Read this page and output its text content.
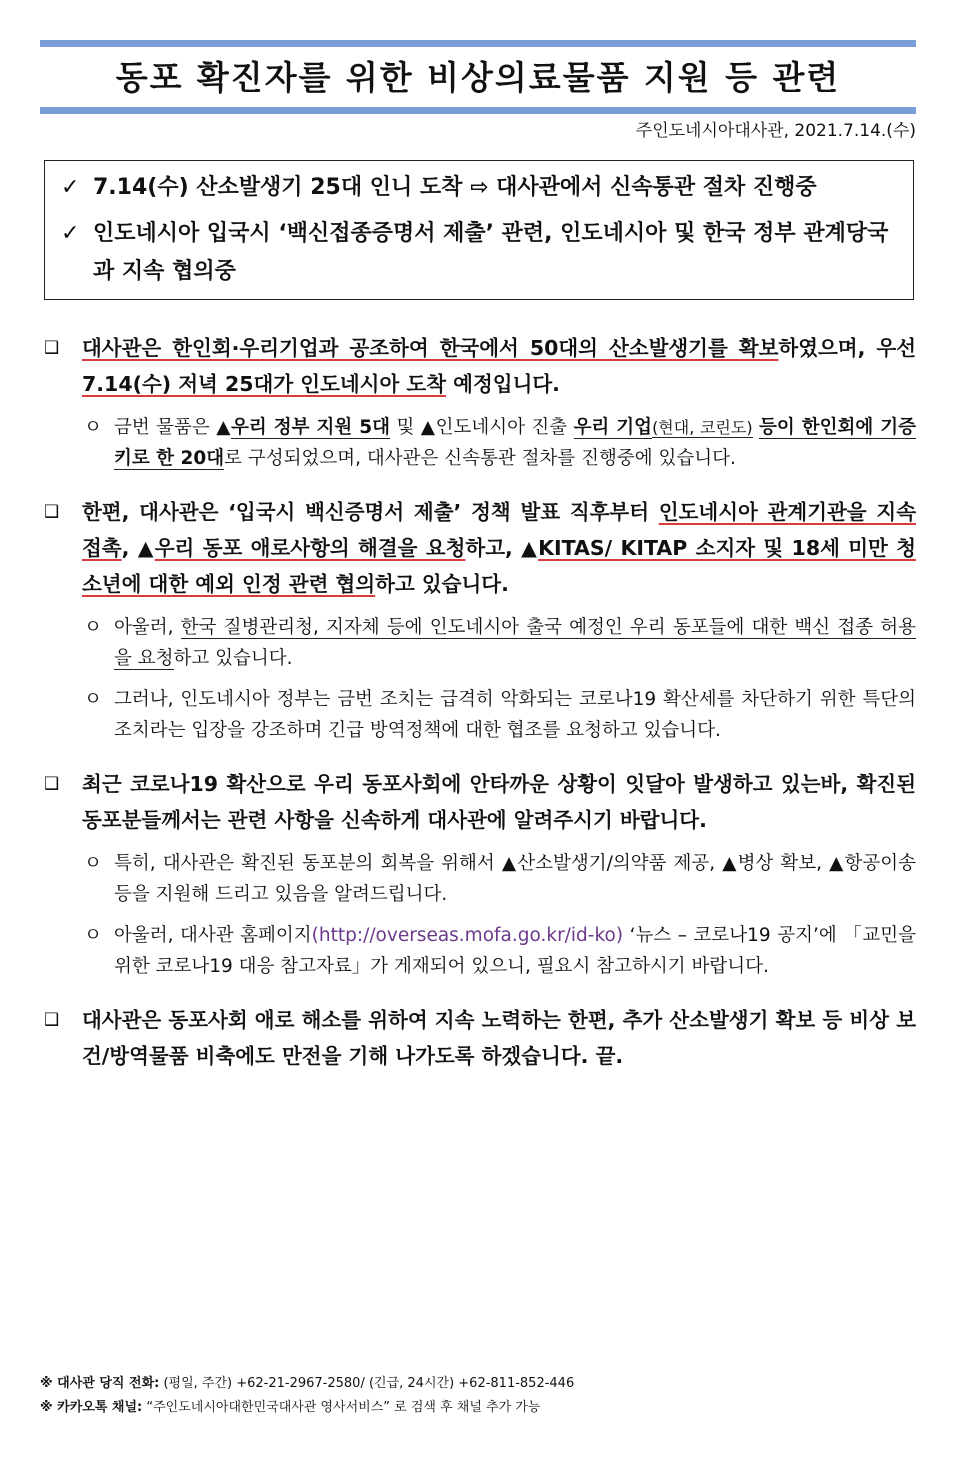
동포 확진자를 위한 비상의료물품 지원 등 관련
주인도네시아대사관, 2021.7.14.(수)
✓ 7.14(수) 산소발생기 25대 인니 도착 ⇨ 대사관에서 신속통관 절차 진행중
✓ 인도네시아 입국시 ‘백신접종증명서 제출’ 관련, 인도네시아 및 한국 정부 관계당국과 지속 협의중
❑	대사관은 한인회·우리기업과 공조하여 한국에서 50대의 산소발생기를 확보하였으며, 우선 7.14(수) 저녁 25대가 인도네시아 도착 예정입니다.
ㅇ 금번 물품은 ▲우리 정부 지원 5대 및 ▲인도네시아 진출 우리 기업(현대, 코린도) 등이 한인회에 기증키로 한 20대로 구성되었으며, 대사관은 신속통관 절차를 진행중에 있습니다.
❑	한편, 대사관은 ‘입국시 백신증명서 제출’ 정책 발표 직후부터 인도네시아 관계기관을 지속 접촉, ▲우리 동포 애로사항의 해결을 요청하고, ▲KITAS/ KITAP 소지자 및 18세 미만 청소년에 대한 예외 인정 관련 협의하고 있습니다.
ㅇ 아울러, 한국 질병관리청, 지자체 등에 인도네시아 출국 예정인 우리 동포들에 대한 백신 접종 허용을 요청하고 있습니다.
ㅇ 그러나, 인도네시아 정부는 금번 조치는 급격히 악화되는 코로나19 확산세를 차단하기 위한 특단의 조치라는 입장을 강조하며 긴급 방역정책에 대한 협조를 요청하고 있습니다.
❑	최근 코로나19 확산으로 우리 동포사회에 안타까운 상황이 잇달아 발생하고 있는바, 확진된 동포분들께서는 관련 사항을 신속하게 대사관에 알려주시기 바랍니다.
ㅇ 특히, 대사관은 확진된 동포분의 회복을 위해서 ▲산소발생기/의약품 제공, ▲병상 확보, ▲항공이송 등을 지원해 드리고 있음을 알려드립니다.
ㅇ 아울러, 대사관 홈페이지(http://overseas.mofa.go.kr/id-ko) ‘뉴스 – 코로나19 공지’에 「교민을 위한 코로나19 대응 참고자료」가 게재되어 있으니, 필요시 참고하시기 바랍니다.
❑	대사관은 동포사회 애로 해소를 위하여 지속 노력하는 한편, 추가 산소발생기 확보 등 비상 보건/방역물품 비축에도 만전을 기해 나가도록 하겠습니다. 끝.
※ 대사관 당직 전화: (평일, 주간) +62-21-2967-2580/ (긴급, 24시간) +62-811-852-446
※ 카카오톡 채널: “주인도네시아대한민국대사관 영사서비스” 로 검색 후 채널 추가 가능
